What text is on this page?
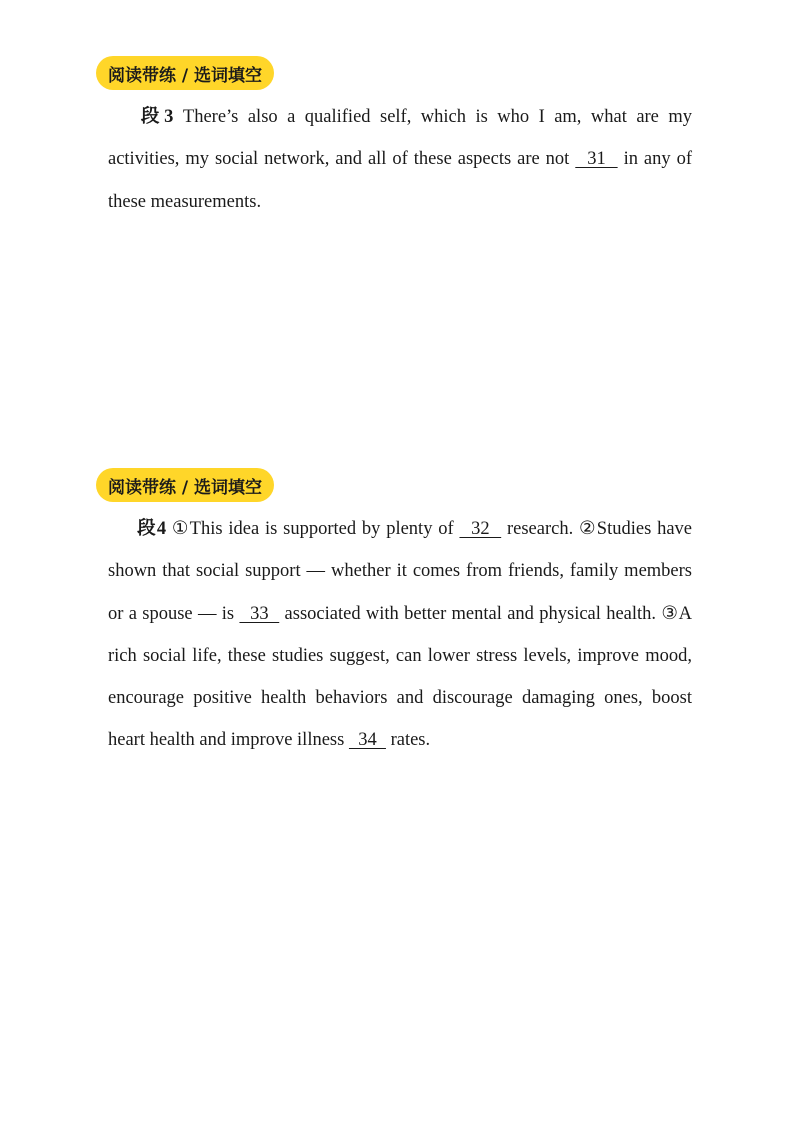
阅读带练 / 选词填空
段3 There’s also a qualified self, which is who I am, what are my activities, my social network, and all of these aspects are not   31   in any of these measurements.
阅读带练 / 选词填空
段4 ①This idea is supported by plenty of   32   research. ②Studies have shown that social support — whether it comes from friends, family members or a spouse — is   33   associated with better mental and physical health. ③A rich social life, these studies suggest, can lower stress levels, improve mood, encourage positive health behaviors and discourage damaging ones, boost heart health and improve illness   34   rates.
